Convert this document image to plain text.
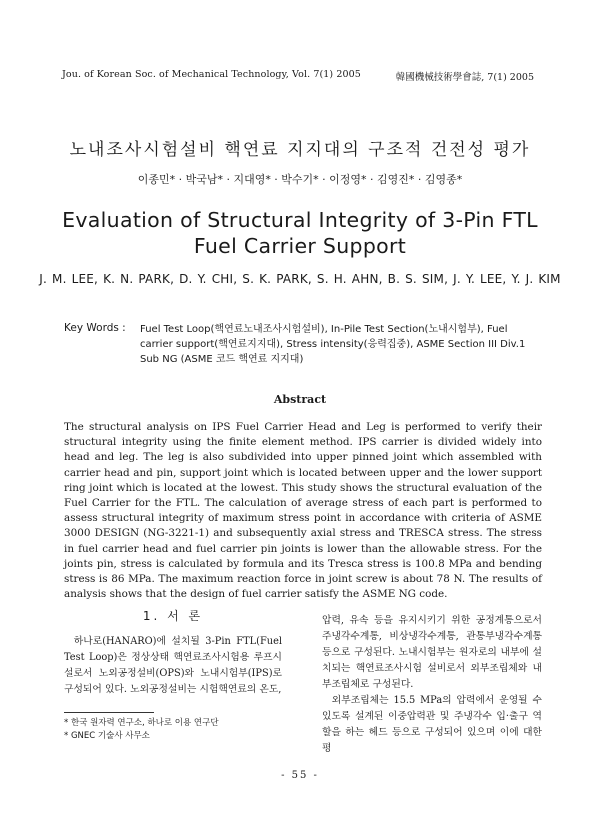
Jou. of Korean Soc. of Mechanical Technology, Vol. 7(1) 2005	韓國機械技術學會誌, 7(1) 2005
노내조사시험설비 핵연료 지지대의 구조적 건전성 평가
이종민* · 박국남* · 지대영* · 박수기* · 이정영* · 김영진* · 김영종*
Evaluation of Structural Integrity of 3-Pin FTL
Fuel Carrier Support
J. M. LEE, K. N. PARK, D. Y. CHI, S. K. PARK, S. H. AHN, B. S. SIM, J. Y. LEE, Y. J. KIM
Key Words : Fuel Test Loop(핵연료노내조사시험설비), In-Pile Test Section(노내시험부), Fuel carrier support(핵연료지지대), Stress intensity(응력집중), ASME Section III Div.1 Sub NG (ASME 코드 핵연료 지지대)
Abstract
The structural analysis on IPS Fuel Carrier Head and Leg is performed to verify their structural integrity using the finite element method. IPS carrier is divided widely into head and leg. The leg is also subdivided into upper pinned joint which assembled with carrier head and pin, support joint which is located between upper and the lower support ring joint which is located at the lowest. This study shows the structural evaluation of the Fuel Carrier for the FTL. The calculation of average stress of each part is performed to assess structural integrity of maximum stress point in accordance with criteria of ASME 3000 DESIGN (NG-3221-1) and subsequently axial stress and TRESCA stress. The stress in fuel carrier head and fuel carrier pin joints is lower than the allowable stress. For the joints pin, stress is calculated by formula and its Tresca stress is 100.8 MPa and bending stress is 86 MPa. The maximum reaction force in joint screw is about 78 N. The results of analysis shows that the design of fuel carrier satisfy the ASME NG code.
1. 서 론

하나로(HANARO)에 설치될 3-Pin FTL(Fuel Test Loop)은 정상상태 핵연료조사시험용 루프시설로서 노외공정설비(OPS)와 노내시험부(IPS)로 구성되어 있다. 노외공정설비는 시험핵연료의 온도,

압력, 유속 등을 유지시키기 위한 공정계통으로서 주냉각수계통, 비상냉각수계통, 관통부냉각수계통 등으로 구성된다. 노내시험부는 원자로의 내부에 설치되는 핵연료조사시험 설비로서 외부조립체와 내부조립체로 구성된다.

외부조립체는 15.5 MPa의 압력에서 운영될 수 있도록 설계된 이중압력관 및 주냉각수 입·출구 역할을 하는 헤드 등으로 구성되어 있으며 이에 대한 평

* 한국 원자력 연구소, 하나로 이용 연구단
* GNEC 기술사 사무소
- 55 -
